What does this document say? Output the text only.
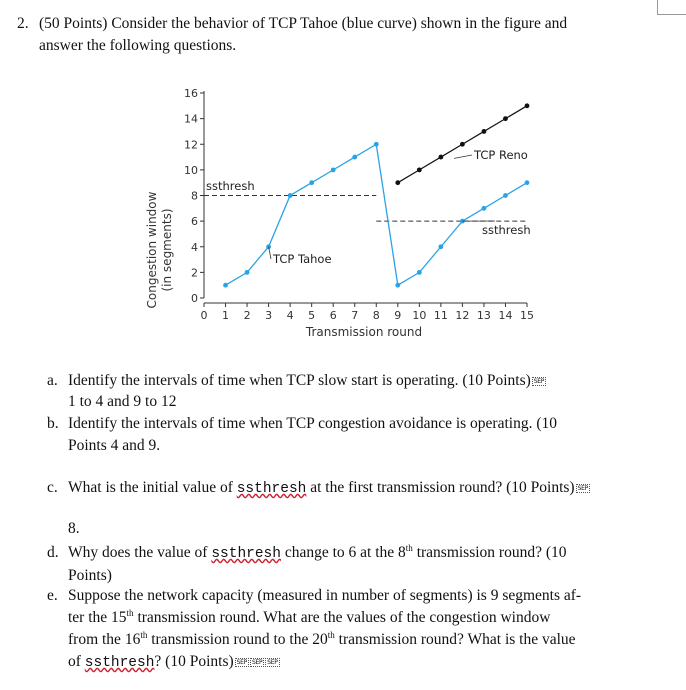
2. (50 Points) Consider the behavior of TCP Tahoe (blue curve) shown in the figure and
answer the following questions.
0
2
4
6
8
10
12
14
16
0 1 2 3 4 5 6 7 8 9 10 11 12 13 14 15
Congestion window (in segments)
Transmission round
ssthresh
ssthresh
TCP Tahoe
TCP Reno
a. Identify the intervals of time when TCP slow start is operating. (10 Points) SEP
1 to 4 and 9 to 12
b. Identify the intervals of time when TCP congestion avoidance is operating. (10
Points 4 and 9.
c. What is the initial value of ssthresh at the first transmission round? (10 Points) SEP
8.
d. Why does the value of ssthresh change to 6 at the 8th transmission round? (10
Points)
e. Suppose the network capacity (measured in number of segments) is 9 segments af-
ter the 15th transmission round. What are the values of the congestion window
from the 16th transmission round to the 20th transmission round? What is the value
of ssthresh? (10 Points) SEP SEP SEP
